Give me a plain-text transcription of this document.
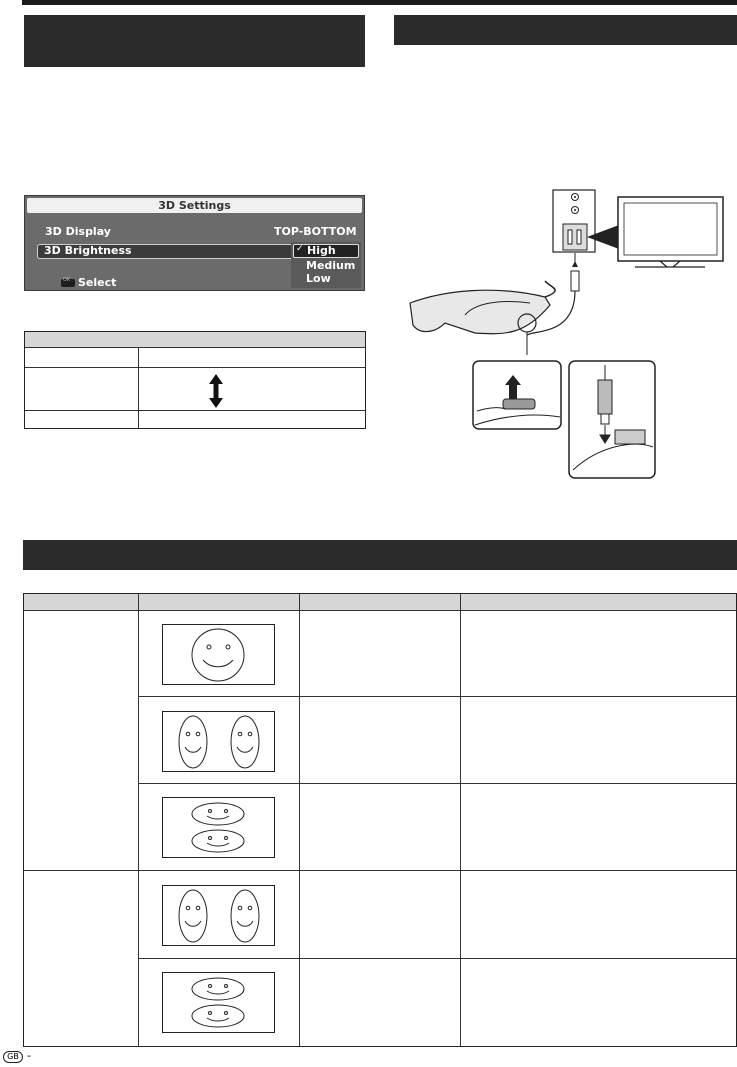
3D Settings
3D Display	TOP-BOTTOM
3D Brightness	✓ High
Medium
Low
OK Select
GB -
